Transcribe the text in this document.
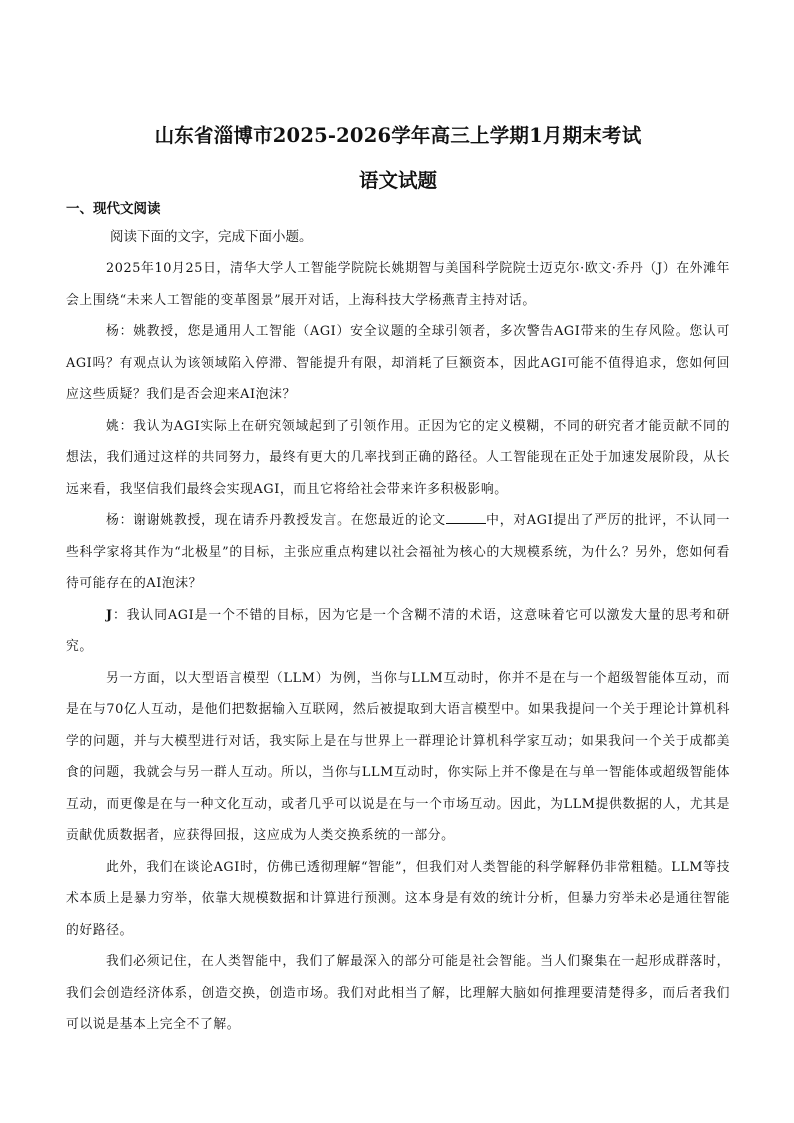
山东省淄博市2025-2026学年高三上学期1月期末考试
语文试题
一、现代文阅读
阅读下面的文字，完成下面小题。

2025年10月25日，清华大学人工智能学院院长姚期智与美国科学院院士迈克尔·欧文·乔丹（J）在外滩年会上围绕“未来人工智能的变革图景”展开对话，上海科技大学杨燕青主持对话。

杨：姚教授，您是通用人工智能（AGI）安全议题的全球引领者，多次警告AGI带来的生存风险。您认可AGI吗？有观点认为该领域陷入停滞、智能提升有限，却消耗了巨额资本，因此AGI可能不值得追求，您如何回应这些质疑？我们是否会迎来AI泡沫？

姚：我认为AGI实际上在研究领域起到了引领作用。正因为它的定义模糊，不同的研究者才能贡献不同的想法，我们通过这样的共同努力，最终有更大的几率找到正确的路径。人工智能现在正处于加速发展阶段，从长远来看，我坚信我们最终会实现AGI，而且它将给社会带来许多积极影响。

杨：谢谢姚教授，现在请乔丹教授发言。在您最近的论文	中，对AGI提出了严厉的批评，不认同一些科学家将其作为“北极星”的目标，主张应重点构建以社会福祉为核心的大规模系统，为什么？另外，您如何看待可能存在的AI泡沫？

J：我认同AGI是一个不错的目标，因为它是一个含糊不清的术语，这意味着它可以激发大量的思考和研究。

另一方面，以大型语言模型（LLM）为例，当你与LLM互动时，你并不是在与一个超级智能体互动，而是在与70亿人互动，是他们把数据输入互联网，然后被提取到大语言模型中。如果我提问一个关于理论计算机科学的问题，并与大模型进行对话，我实际上是在与世界上一群理论计算机科学家互动；如果我问一个关于成都美食的问题，我就会与另一群人互动。所以，当你与LLM互动时，你实际上并不像是在与单一智能体或超级智能体互动，而更像是在与一种文化互动，或者几乎可以说是在与一个市场互动。因此，为LLM提供数据的人，尤其是贡献优质数据者，应获得回报，这应成为人类交换系统的一部分。

此外，我们在谈论AGI时，仿佛已透彻理解“智能”，但我们对人类智能的科学解释仍非常粗糙。LLM等技术本质上是暴力穷举，依靠大规模数据和计算进行预测。这本身是有效的统计分析，但暴力穷举未必是通往智能的好路径。

我们必须记住，在人类智能中，我们了解最深入的部分可能是社会智能。当人们聚集在一起形成群落时，我们会创造经济体系，创造交换，创造市场。我们对此相当了解，比理解大脑如何推理要清楚得多，而后者我们可以说是基本上完全不了解。
